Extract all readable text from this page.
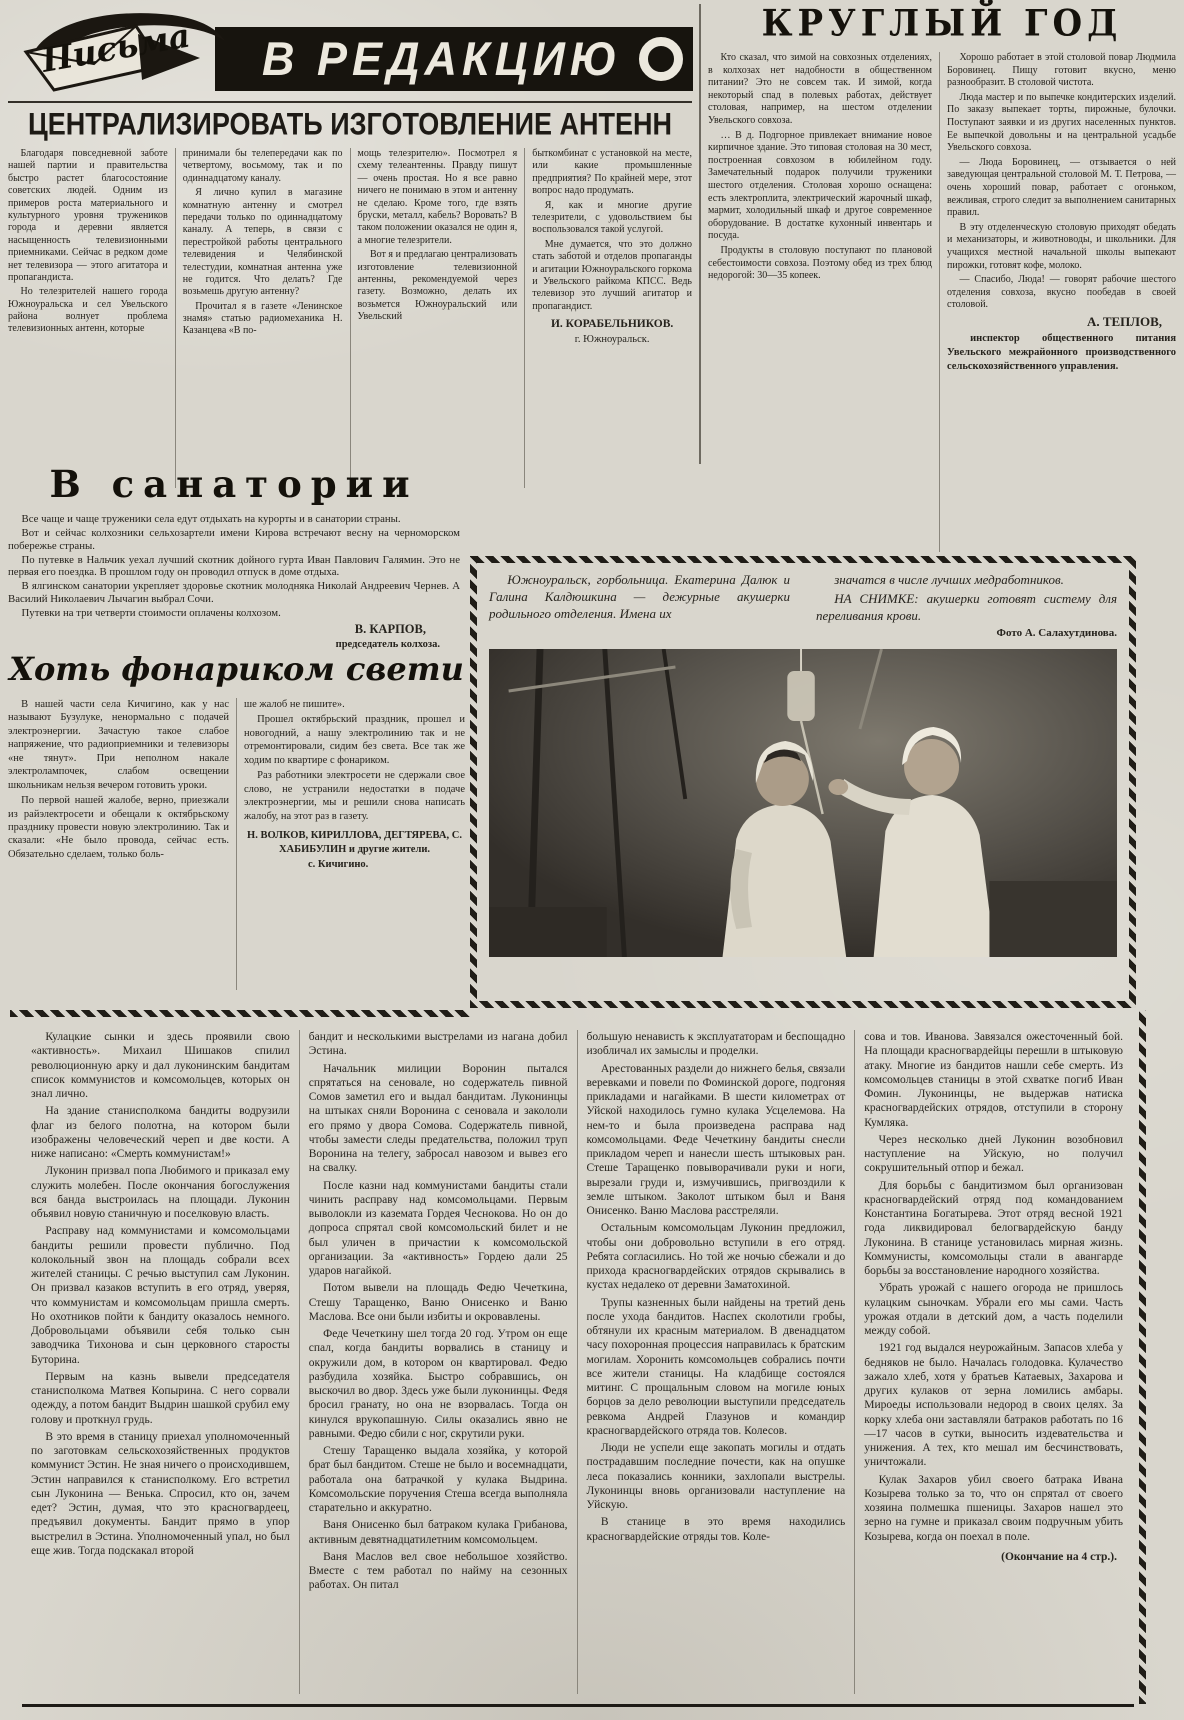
Письма В РЕДАКЦИЮ
ЦЕНТРАЛИЗИРОВАТЬ ИЗГОТОВЛЕНИЕ АНТЕНН

Благодаря повседневной заботе нашей партии и правительства быстро растет благосостояние советских людей. Одним из примеров роста материального и культурного уровня тружеников города и деревни является насыщенность телевизионными приемниками. Сейчас в редком доме нет телевизора — этого агитатора и пропагандиста.

Но телезрителей нашего города Южноуральска и сел Увельского района волнует проблема телевизионных антенн, которые

принимали бы телепередачи как по четвертому, восьмому, так и по одиннадцатому каналу.

Я лично купил в магазине комнатную антенну и смотрел передачи только по одиннадцатому каналу. А теперь, в связи с перестройкой работы центрального телевидения и Челябинской телестудии, комнатная антенна уже не годится. Что делать? Где возьмешь другую антенну?

Прочитал я в газете «Ленинское знамя» статью радиомеханика Н. Казанцева «В по-

мощь телезрителю». Посмотрел я схему телеантенны. Правду пишут — очень простая. Но я все равно ничего не понимаю в этом и антенну не сделаю. Кроме того, где взять бруски, металл, кабель? Воровать? В таком положении оказался не один я, а многие телезрители.

Вот я и предлагаю централизовать изготовление телевизионной антенны, рекомендуемой через газету. Возможно, делать их возьмется Южноуральский или Увельский

быткомбинат с установкой на месте, или какие промышленные предприятия? По крайней мере, этот вопрос надо продумать.

Я, как и многие другие телезрители, с удовольствием бы воспользовался такой услугой.

Мне думается, что это должно стать заботой и отделов пропаганды и агитации Южноуральского горкома и Увельского райкома КПСС. Ведь телевизор это лучший агитатор и пропагандист.

И. КОРАБЕЛЬНИКОВ.

г. Южноуральск.

КРУГЛЫЙ ГОД

Кто сказал, что зимой на совхозных отделениях, в колхозах нет надобности в общественном питании? Это не совсем так. И зимой, когда некоторый спад в полевых работах, действует столовая, например, на шестом отделении Увельского совхоза.

… В д. Подгорное привлекает внимание новое кирпичное здание. Это типовая столовая на 30 мест, построенная совхозом в юбилейном году. Замечательный подарок получили труженики шестого отделения. Столовая хорошо оснащена: есть электроплита, электрический жарочный шкаф, мармит, холодильный шкаф и другое современное оборудование. В достатке кухонный инвентарь и посуда.

Продукты в столовую поступают по плановой себестоимости совхоза. Поэтому обед из трех блюд недорогой: 30—35 копеек.

Хорошо работает в этой столовой повар Людмила Боровинец. Пищу готовит вкусно, меню разнообразит. В столовой чистота.

Люда мастер и по выпечке кондитерских изделий. По заказу выпекает торты, пирожные, булочки. Поступают заявки и из других населенных пунктов. Ее выпечкой довольны и на центральной усадьбе Увельского совхоза.

— Люда Боровинец, — отзывается о ней заведующая центральной столовой М. Т. Петрова, — очень хороший повар, работает с огоньком, вежливая, строго следит за выполнением санитарных правил.

В эту отделенческую столовую приходят обедать и механизаторы, и животноводы, и школьники. Для учащихся местной начальной школы выпекают пирожки, готовят кофе, молоко.

— Спасибо, Люда! — говорят рабочие шестого отделения совхоза, вкусно пообедав в своей столовой.

А. ТЕПЛОВ,

инспектор общественного питания Увельского межрайонного производственного сельскохозяйственного управления.

В санатории

Все чаще и чаще труженики села едут отдыхать на курорты и в санатории страны.

Вот и сейчас колхозники сельхозартели имени Кирова встречают весну на черноморском побережье страны.

По путевке в Нальчик уехал лучший скотник дойного гурта Иван Павлович Галямин. Это не первая его поездка. В прошлом году он проводил отпуск в доме отдыха.

В ялгинском санатории укрепляет здоровье скотник молодняка Николай Андреевич Чернев. А Василий Николаевич Лычагин выбрал Сочи.

Путевки на три четверти стоимости оплачены колхозом.

В. КАРПОВ,

председатель колхоза.

Хоть фонариком свети

В нашей части села Кичигино, как у нас называют Бузулуке, ненормально с подачей электроэнергии. Зачастую такое слабое напряжение, что радиоприемники и телевизоры «не тянут». При неполном накале электролампочек, слабом освещении школьникам нельзя вечером готовить уроки.

По первой нашей жалобе, верно, приезжали из райэлектросети и обещали к октябрьскому празднику провести новую электролинию. Так и сказали: «Не было провода, сейчас есть. Обязательно сделаем, только боль-

ше жалоб не пишите».

Прошел октябрьский праздник, прошел и новогодний, а нашу электролинию так и не отремонтировали, сидим без света. Все так же ходим по квартире с фонариком.

Раз работники электросети не сдержали свое слово, не устранили недостатки в подаче электроэнергии, мы и решили снова написать жалобу, на этот раз в газету.

Н. ВОЛКОВ, КИРИЛЛОВА, ДЕГТЯРЕВА, С. ХАБИБУЛИН и другие жители.

с. Кичигино.

Южноуральск, горбольница. Екатерина Далюк и Галина Калдюшкина — дежурные акушерки родильного отделения. Имена их

значатся в числе лучших медработников.

НА СНИМКЕ: акушерки готовят систему для переливания крови.

Фото А. Салахутдинова.

Кулацкие сынки и здесь проявили свою «активность». Михаил Шишаков спилил революционную арку и дал луконинским бандитам список коммунистов и комсомольцев, которых он знал лично.

На здание станисполкома бандиты водрузили флаг из белого полотна, на котором были изображены человеческий череп и две кости. А ниже написано: «Смерть коммунистам!»

Луконин призвал попа Любимого и приказал ему служить молебен. После окончания богослужения вся банда выстроилась на площади. Луконин объявил новую станичную и поселковую власть.

Расправу над коммунистами и комсомольцами бандиты решили провести публично. Под колокольный звон на площадь собрали всех жителей станицы. С речью выступил сам Луконин. Он призвал казаков вступить в его отряд, уверяя, что коммунистам и комсомольцам пришла смерть. Но охотников пойти к бандиту оказалось немного. Добровольцами объявили себя только сын заводчика Тихонова и сын церковного старосты Буторина.

Первым на казнь вывели председателя станисполкома Матвея Копырина. С него сорвали одежду, а потом бандит Выдрин шашкой срубил ему голову и проткнул грудь.

В это время в станицу приехал уполномоченный по заготовкам сельскохозяйственных продуктов коммунист Эстин. Не зная ничего о происходившем, Эстин направился к станисполкому. Его встретил сын Луконина — Венька. Спросил, кто он, зачем едет? Эстин, думая, что это красногвардеец, предъявил документы. Бандит прямо в упор выстрелил в Эстина. Уполномоченный упал, но был еще жив. Тогда подскакал второй

бандит и несколькими выстрелами из нагана добил Эстина.

Начальник милиции Воронин пытался спрятаться на сеновале, но содержатель пивной Сомов заметил его и выдал бандитам. Луконинцы на штыках сняли Воронина с сеновала и закололи его прямо у двора Сомова. Содержатель пивной, чтобы замести следы предательства, положил труп Воронина на телегу, забросал навозом и вывез его на свалку.

После казни над коммунистами бандиты стали чинить расправу над комсомольцами. Первым выволокли из каземата Гордея Чеснокова. Но он до допроса спрятал свой комсомольский билет и не был уличен в причастии к комсомольской организации. За «активность» Гордею дали 25 ударов нагайкой.

Потом вывели на площадь Федю Чечеткина, Стешу Таращенко, Ваню Онисенко и Ваню Маслова. Все они были избиты и окровавлены.

Феде Чечеткину шел тогда 20 год. Утром он еще спал, когда бандиты ворвались в станицу и окружили дом, в котором он квартировал. Федю разбудила хозяйка. Быстро собравшись, он выскочил во двор. Здесь уже были луконинцы. Федя бросил гранату, но она не взорвалась. Тогда он кинулся врукопашную. Силы оказались явно не равными. Федю сбили с ног, скрутили руки.

Стешу Таращенко выдала хозяйка, у которой брат был бандитом. Стеше не было и восемнадцати, работала она батрачкой у кулака Выдрина. Комсомольские поручения Стеша всегда выполняла старательно и аккуратно.

Ваня Онисенко был батраком кулака Грибанова, активным девятнадцатилетним комсомольцем.

Ваня Маслов вел свое небольшое хозяйство. Вместе с тем работал по найму на сезонных работах. Он питал

большую ненависть к эксплуататорам и беспощадно изобличал их замыслы и проделки.

Арестованных раздели до нижнего белья, связали веревками и повели по Фоминской дороге, подгоняя прикладами и нагайками. В шести километрах от Уйской находилось гумно кулака Усцелемова. На нем-то и была произведена расправа над комсомольцами. Феде Чечеткину бандиты снесли прикладом череп и нанесли шесть штыковых ран. Стеше Таращенко повыворачивали руки и ноги, вырезали груди и, измучившись, пригвоздили к земле штыком. Заколот штыком был и Ваня Онисенко. Ваню Маслова расстреляли.

Остальным комсомольцам Луконин предложил, чтобы они добровольно вступили в его отряд. Ребята согласились. Но той же ночью сбежали и до прихода красногвардейских отрядов скрывались в кустах недалеко от деревни Заматохиной.

Трупы казненных были найдены на третий день после ухода бандитов. Наспех сколотили гробы, обтянули их красным материалом. В двенадцатом часу похоронная процессия направилась к братским могилам. Хоронить комсомольцев собрались почти все жители станицы. На кладбище состоялся митинг. С прощальным словом на могиле юных борцов за дело революции выступили председатель ревкома Андрей Глазунов и командир красногвардейского отряда тов. Колесов.

Люди не успели еще закопать могилы и отдать пострадавшим последние почести, как на опушке леса показались конники, захлопали выстрелы. Луконинцы вновь организовали наступление на Уйскую.

В станице в это время находились красногвардейские отряды тов. Коле-

сова и тов. Иванова. Завязался ожесточенный бой. На площади красногвардейцы перешли в штыковую атаку. Многие из бандитов нашли себе смерть. Из комсомольцев станицы в этой схватке погиб Иван Фомин. Луконинцы, не выдержав натиска красногвардейских отрядов, отступили в сторону Кумляка.

Через несколько дней Луконин возобновил наступление на Уйскую, но получил сокрушительный отпор и бежал.

Для борьбы с бандитизмом был организован красногвардейский отряд под командованием Константина Богатырева. Этот отряд весной 1921 года ликвидировал белогвардейскую банду Луконина. В станице установилась мирная жизнь. Коммунисты, комсомольцы стали в авангарде борьбы за восстановление народного хозяйства.

Убрать урожай с нашего огорода не пришлось кулацким сыночкам. Убрали его мы сами. Часть урожая отдали в детский дом, а часть поделили между собой.

1921 год выдался неурожайным. Запасов хлеба у бедняков не было. Началась голодовка. Кулачество зажало хлеб, хотя у братьев Катаевых, Захарова и других кулаков от зерна ломились амбары. Мироеды использовали недород в своих целях. За корку хлеба они заставляли батраков работать по 16—17 часов в сутки, выносить издевательства и унижения. А тех, кто мешал им бесчинствовать, уничтожали.

Кулак Захаров убил своего батрака Ивана Козырева только за то, что он спрятал от своего хозяина полмешка пшеницы. Захаров нашел это зерно на гумне и приказал своим подручным убить Козырева, когда он поехал в поле.

(Окончание на 4 стр.).
